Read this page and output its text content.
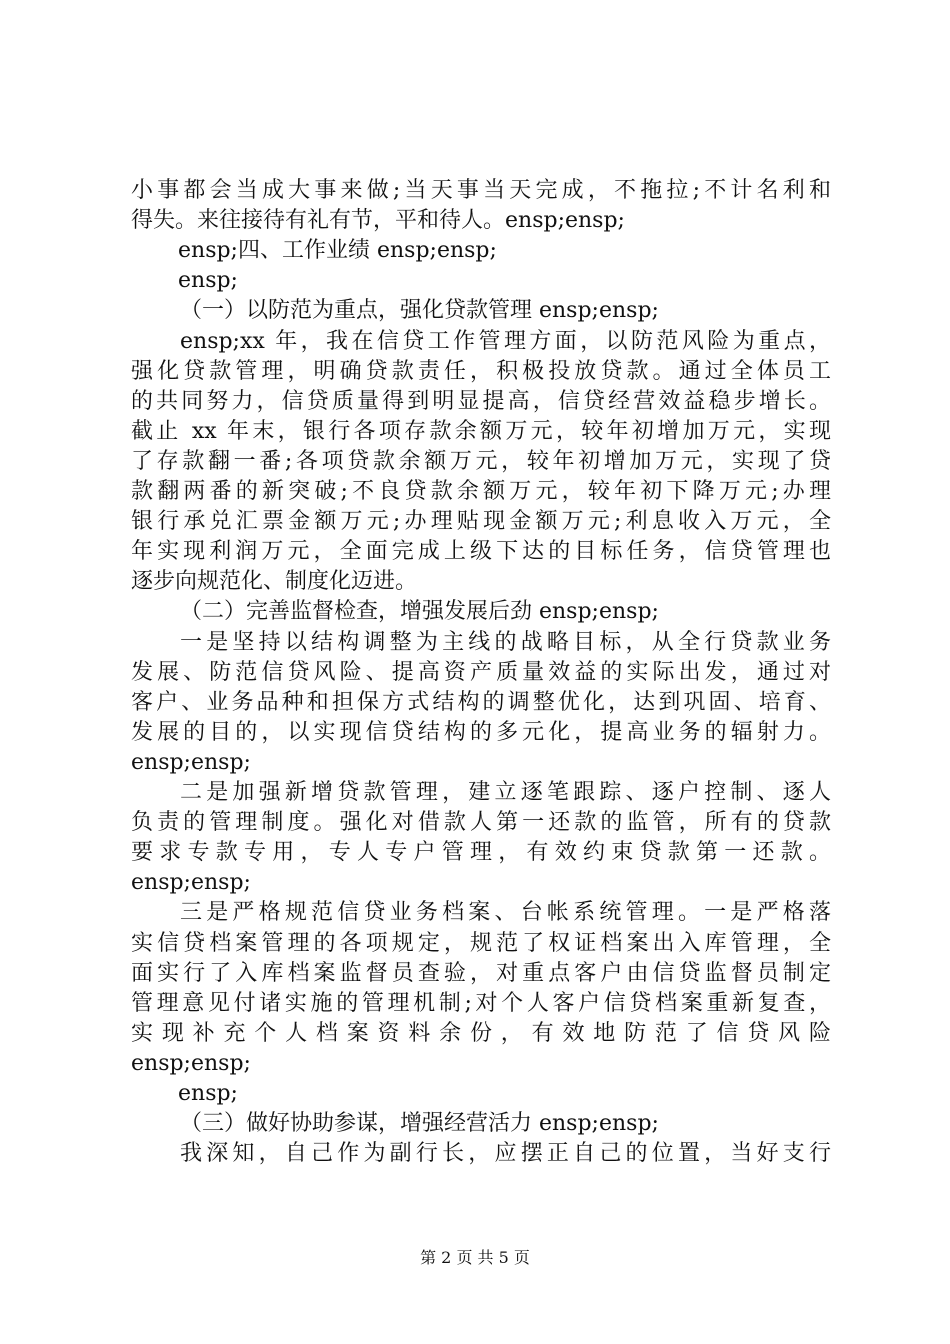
小事都会当成大事来做;当天事当天完成，不拖拉;不计名利和
得失。来往接待有礼有节，平和待人。ensp;ensp;
ensp;四、工作业绩 ensp;ensp;
ensp;
（一）以防范为重点，强化贷款管理 ensp;ensp;
ensp;xx 年，我在信贷工作管理方面，以防范风险为重点，
强化贷款管理，明确贷款责任，积极投放贷款。通过全体员工
的共同努力，信贷质量得到明显提高，信贷经营效益稳步增长。
截止 xx 年末，银行各项存款余额万元，较年初增加万元，实现
了存款翻一番;各项贷款余额万元，较年初增加万元，实现了贷
款翻两番的新突破;不良贷款余额万元，较年初下降万元;办理
银行承兑汇票金额万元;办理贴现金额万元;利息收入万元，全
年实现利润万元，全面完成上级下达的目标任务，信贷管理也
逐步向规范化、制度化迈进。
（二）完善监督检查，增强发展后劲 ensp;ensp;
一是坚持以结构调整为主线的战略目标，从全行贷款业务
发展、防范信贷风险、提高资产质量效益的实际出发，通过对
客户、业务品种和担保方式结构的调整优化，达到巩固、培育、
发展的目的，以实现信贷结构的多元化，提高业务的辐射力。
ensp;ensp;
二是加强新增贷款管理，建立逐笔跟踪、逐户控制、逐人
负责的管理制度。强化对借款人第一还款的监管，所有的贷款
要求专款专用，专人专户管理，有效约束贷款第一还款。
ensp;ensp;
三是严格规范信贷业务档案、台帐系统管理。一是严格落
实信贷档案管理的各项规定，规范了权证档案出入库管理，全
面实行了入库档案监督员查验，对重点客户由信贷监督员制定
管理意见付诸实施的管理机制;对个人客户信贷档案重新复查，
实现补充个人档案资料余份，有效地防范了信贷风险
ensp;ensp;
ensp;
（三）做好协助参谋，增强经营活力 ensp;ensp;
我深知，自己作为副行长，应摆正自己的位置，当好支行
第 2 页 共 5 页
